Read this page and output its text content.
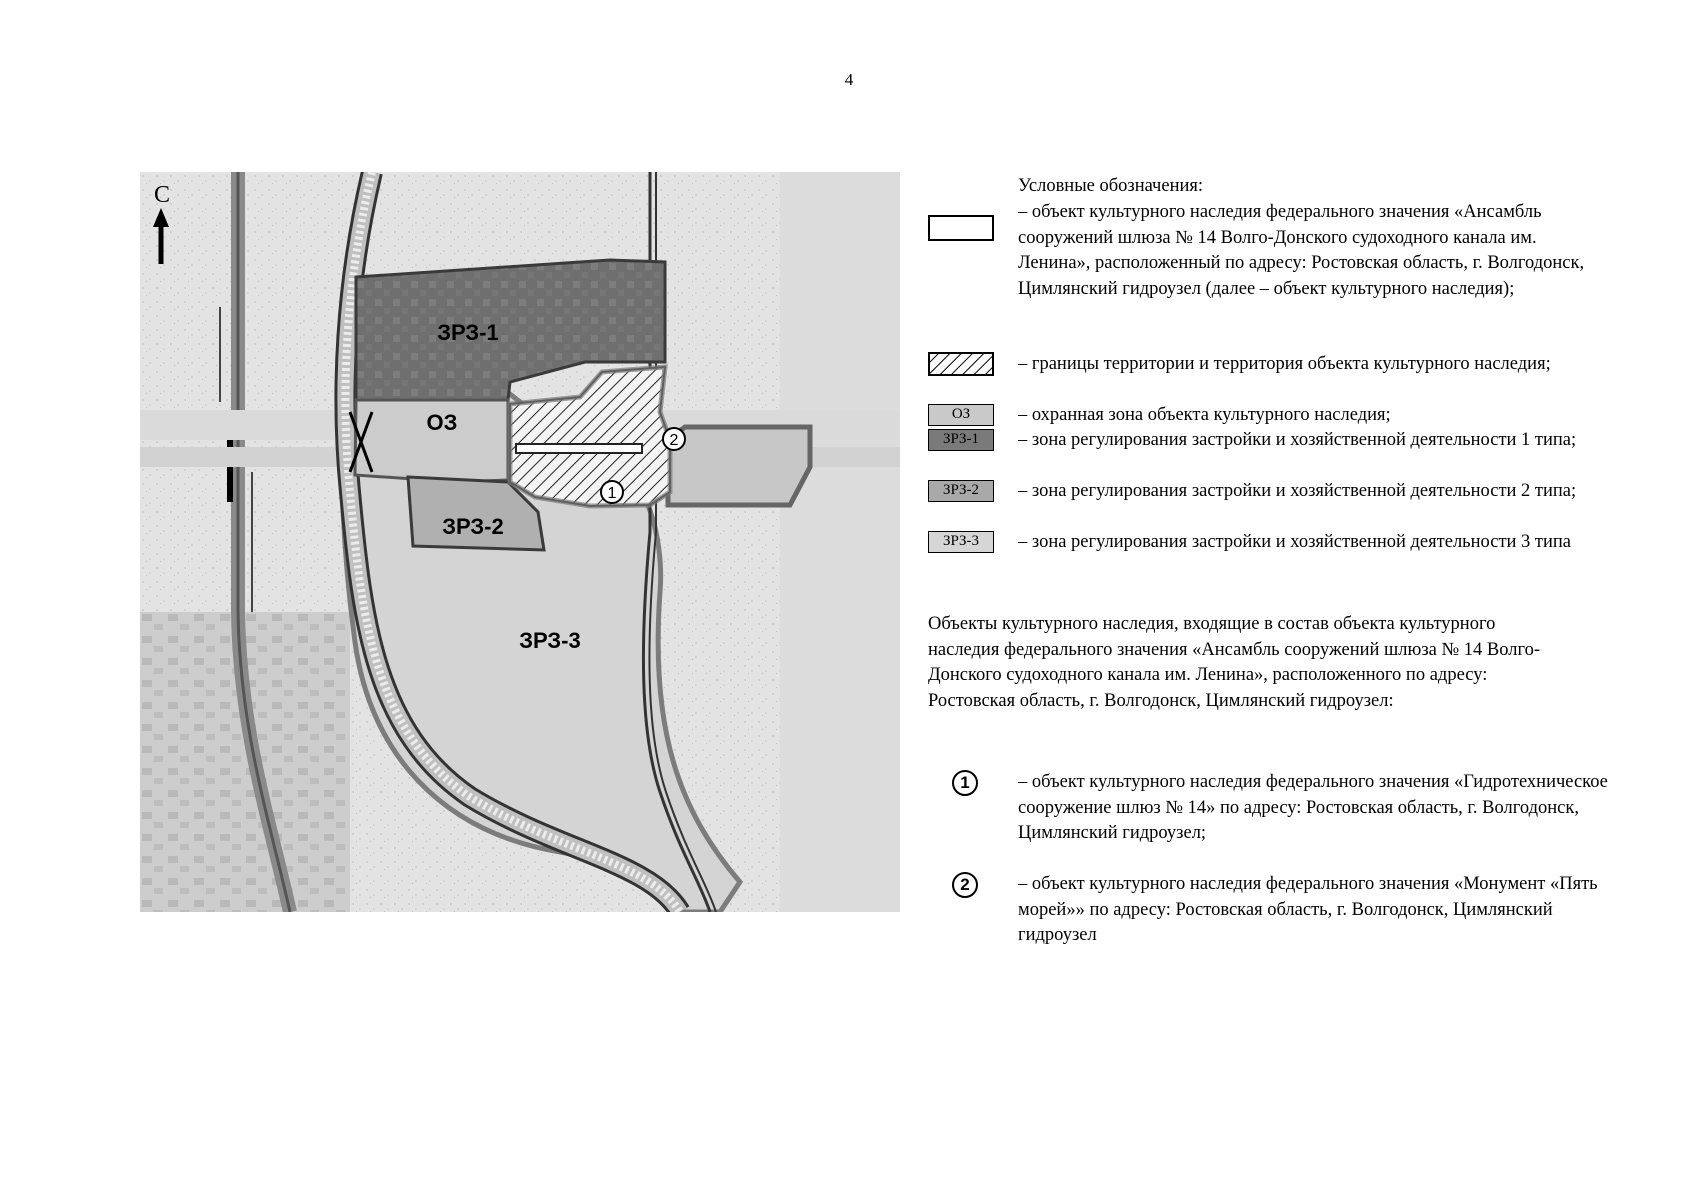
4
С
ЗРЗ-1
ОЗ
ЗРЗ-2
ЗРЗ-3
1
2
Условные обозначения:
– объект культурного наследия федерального значения «Ансамбль сооружений шлюза № 14 Волго-Донского судоходного канала им. Ленина», расположенный по адресу: Ростовская область, г. Волгодонск, Цимлянский гидроузел (далее – объект культурного наследия);
– границы территории и территория объекта культурного наследия;
ОЗ	– охранная зона объекта культурного наследия;
ЗРЗ-1	– зона регулирования застройки и хозяйственной деятельности 1 типа;
ЗРЗ-2	– зона регулирования застройки и хозяйственной деятельности 2 типа;
ЗРЗ-3	– зона регулирования застройки и хозяйственной деятельности 3 типа
Объекты культурного наследия, входящие в состав объекта культурного наследия федерального значения «Ансамбль сооружений шлюза № 14 Волго-Донского судоходного канала им. Ленина», расположенного по адресу: Ростовская область, г. Волгодонск, Цимлянский гидроузел:
1	– объект культурного наследия федерального значения «Гидротехническое сооружение шлюз № 14» по адресу: Ростовская область, г. Волгодонск, Цимлянский гидроузел;
2	– объект культурного наследия федерального значения «Монумент «Пять морей»» по адресу: Ростовская область, г. Волгодонск, Цимлянский гидроузел
